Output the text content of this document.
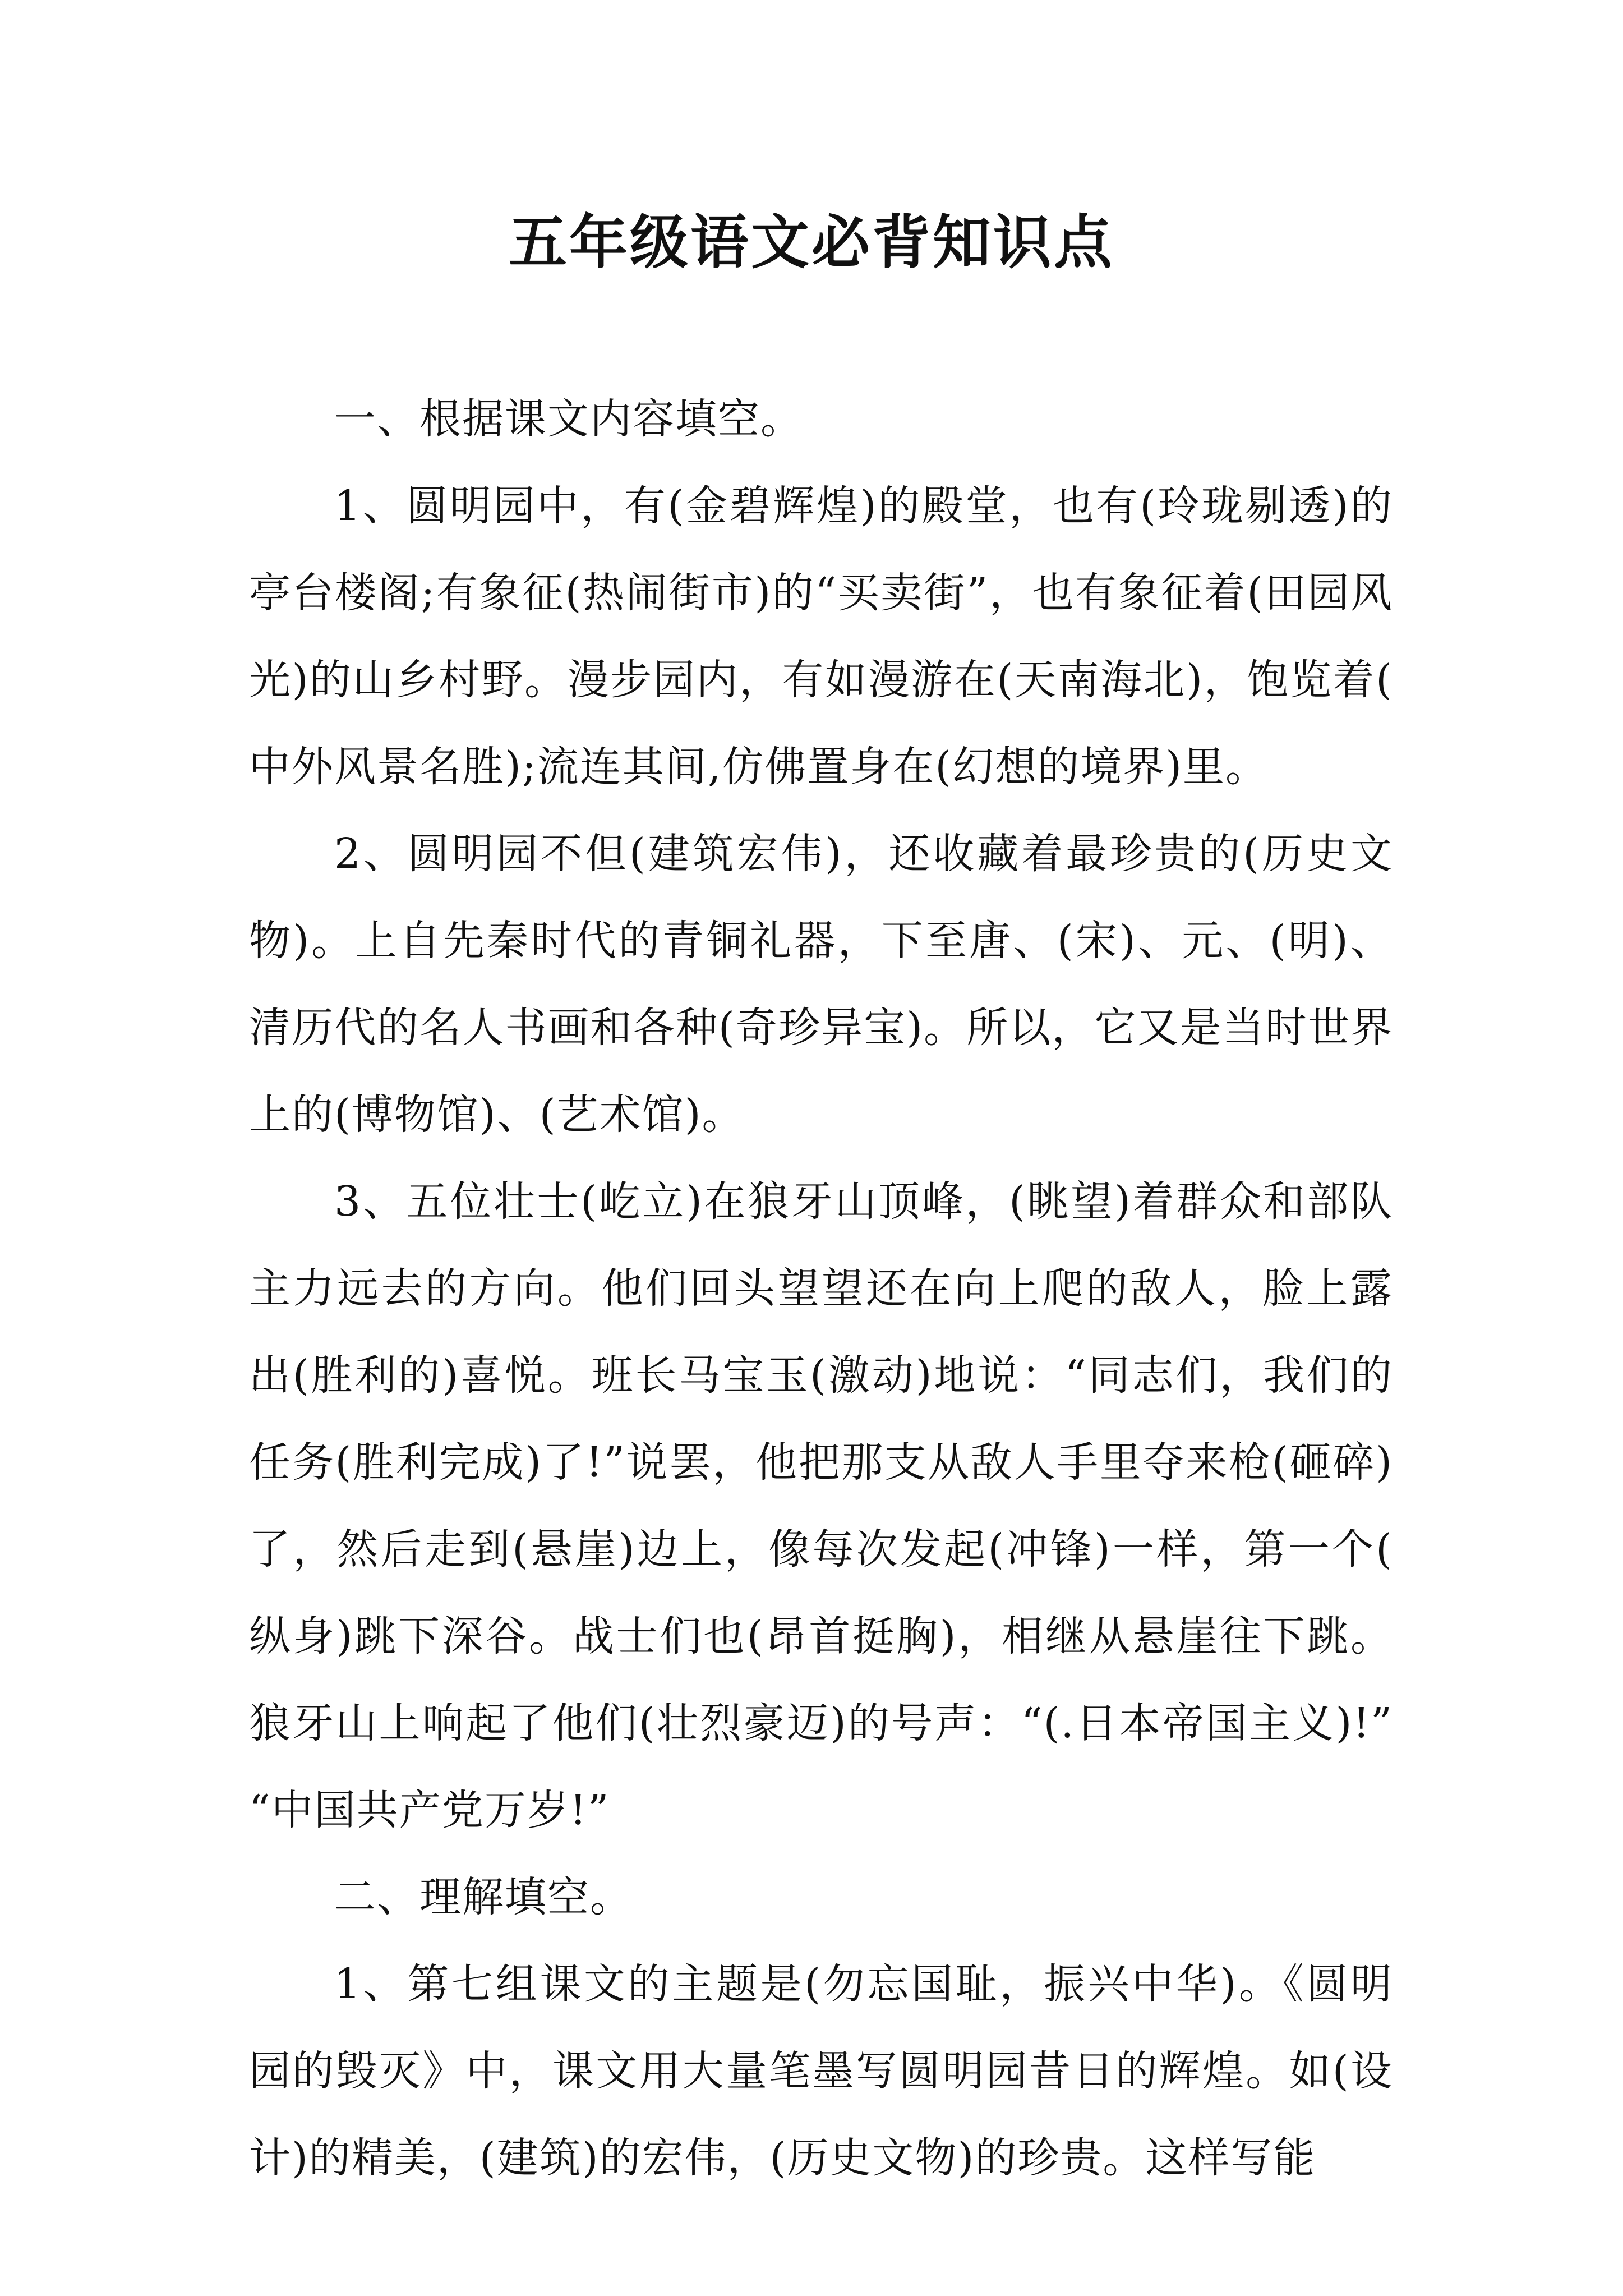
五年级语文必背知识点

一、根据课文内容填空。

1、圆明园中，有(金碧辉煌)的殿堂，也有(玲珑剔透)的亭台楼阁;有象征(热闹街市)的“买卖街”，也有象征着(田园风光)的山乡村野。漫步园内，有如漫游在(天南海北)，饱览着(中外风景名胜);流连其间,仿佛置身在(幻想的境界)里。

2、圆明园不但(建筑宏伟)，还收藏着最珍贵的(历史文物)。上自先秦时代的青铜礼器，下至唐、(宋)、元、(明)、清历代的名人书画和各种(奇珍异宝)。所以，它又是当时世界上的(博物馆)、(艺术馆)。

3、五位壮士(屹立)在狼牙山顶峰，(眺望)着群众和部队主力远去的方向。他们回头望望还在向上爬的敌人，脸上露出(胜利的)喜悦。班长马宝玉(激动)地说：“同志们，我们的任务(胜利完成)了!”说罢，他把那支从敌人手里夺来枪(砸碎)了，然后走到(悬崖)边上，像每次发起(冲锋)一样，第一个(纵身)跳下深谷。战士们也(昂首挺胸)，相继从悬崖往下跳。狼牙山上响起了他们(壮烈豪迈)的号声：“(.日本帝国主义)!”“中国共产党万岁!”

二、理解填空。

1、第七组课文的主题是(勿忘国耻，振兴中华)。《圆明园的毁灭》中，课文用大量笔墨写圆明园昔日的辉煌。如(设计)的精美，(建筑)的宏伟，(历史文物)的珍贵。这样写能
